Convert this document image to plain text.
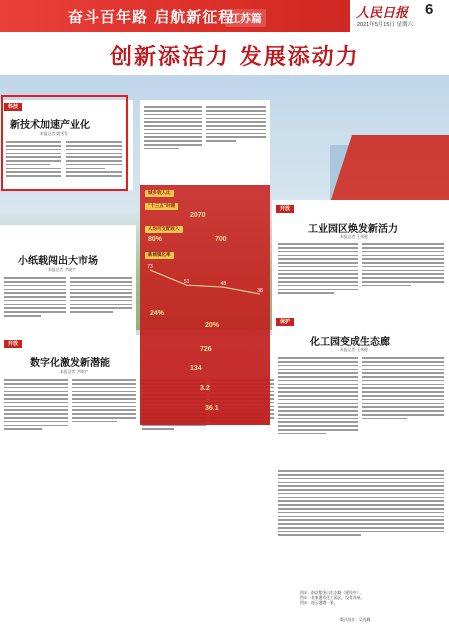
奋斗百年路 启航新征程
江苏篇	人民日报 6
2021年5月15日 星期六
创新添活力 发展添动力
科技
新技术加速产业化
本报记者 姚雪青
开放
工业园区焕发新活力
本报记者 王伟健
保护
化工园变成生态廊
本报记者 王伟健
小纸载闯出大市场
本报记者 尹晓宇
开放
数字化激发新潜能
本报记者 尹晓宇
城乡收入比
"十三五"时期
2070
人均可支配收入
80%	700
新城镇化率
73
51	48
38
24%
20%
726
134
3.2
36.1
图①：南京紫金山生态路（建设中）。
图②：张家港市化工园区，设有苏州。
图③：连云港港一景。
版式设计：吴肖峰
